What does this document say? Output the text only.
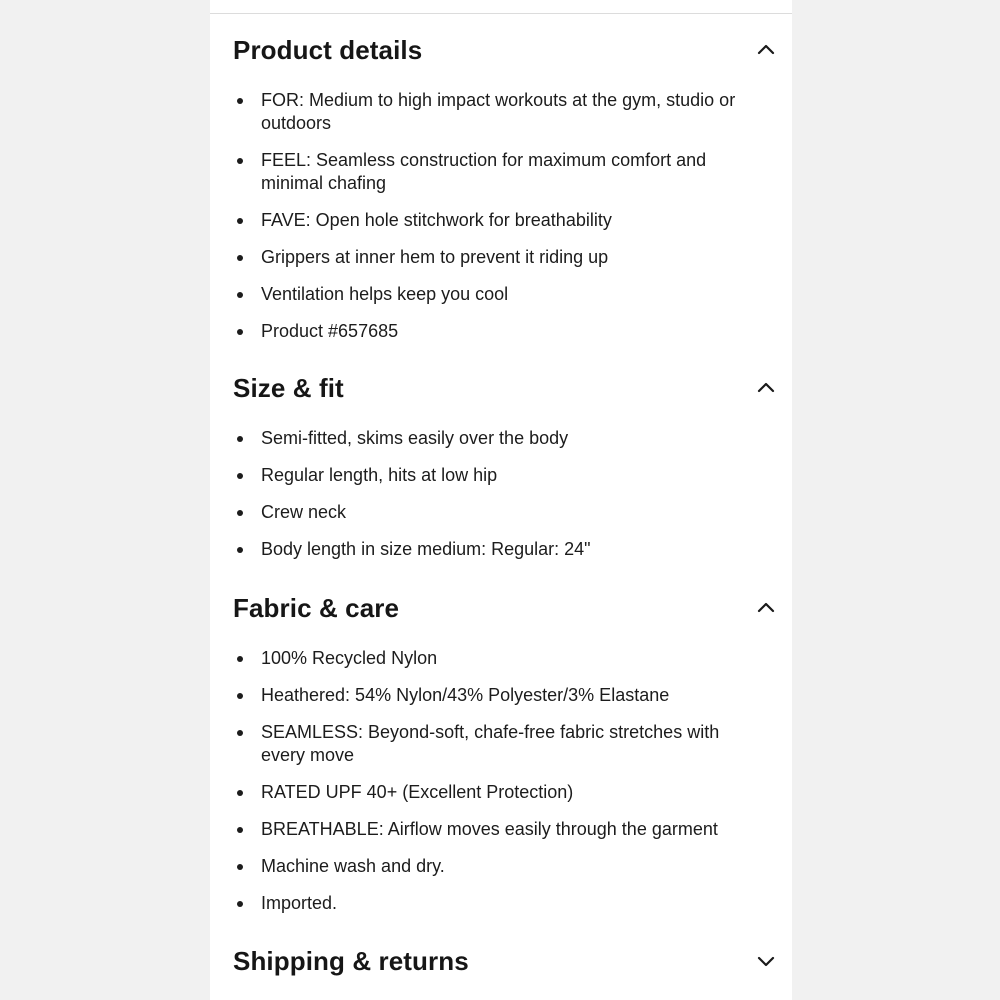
Product details
FOR: Medium to high impact workouts at the gym, studio or outdoors
FEEL: Seamless construction for maximum comfort and minimal chafing
FAVE: Open hole stitchwork for breathability
Grippers at inner hem to prevent it riding up
Ventilation helps keep you cool
Product #657685
Size & fit
Semi-fitted, skims easily over the body
Regular length, hits at low hip
Crew neck
Body length in size medium: Regular: 24"
Fabric & care
100% Recycled Nylon
Heathered: 54% Nylon/43% Polyester/3% Elastane
SEAMLESS: Beyond-soft, chafe-free fabric stretches with every move
RATED UPF 40+ (Excellent Protection)
BREATHABLE: Airflow moves easily through the garment
Machine wash and dry.
Imported.
Shipping & returns
